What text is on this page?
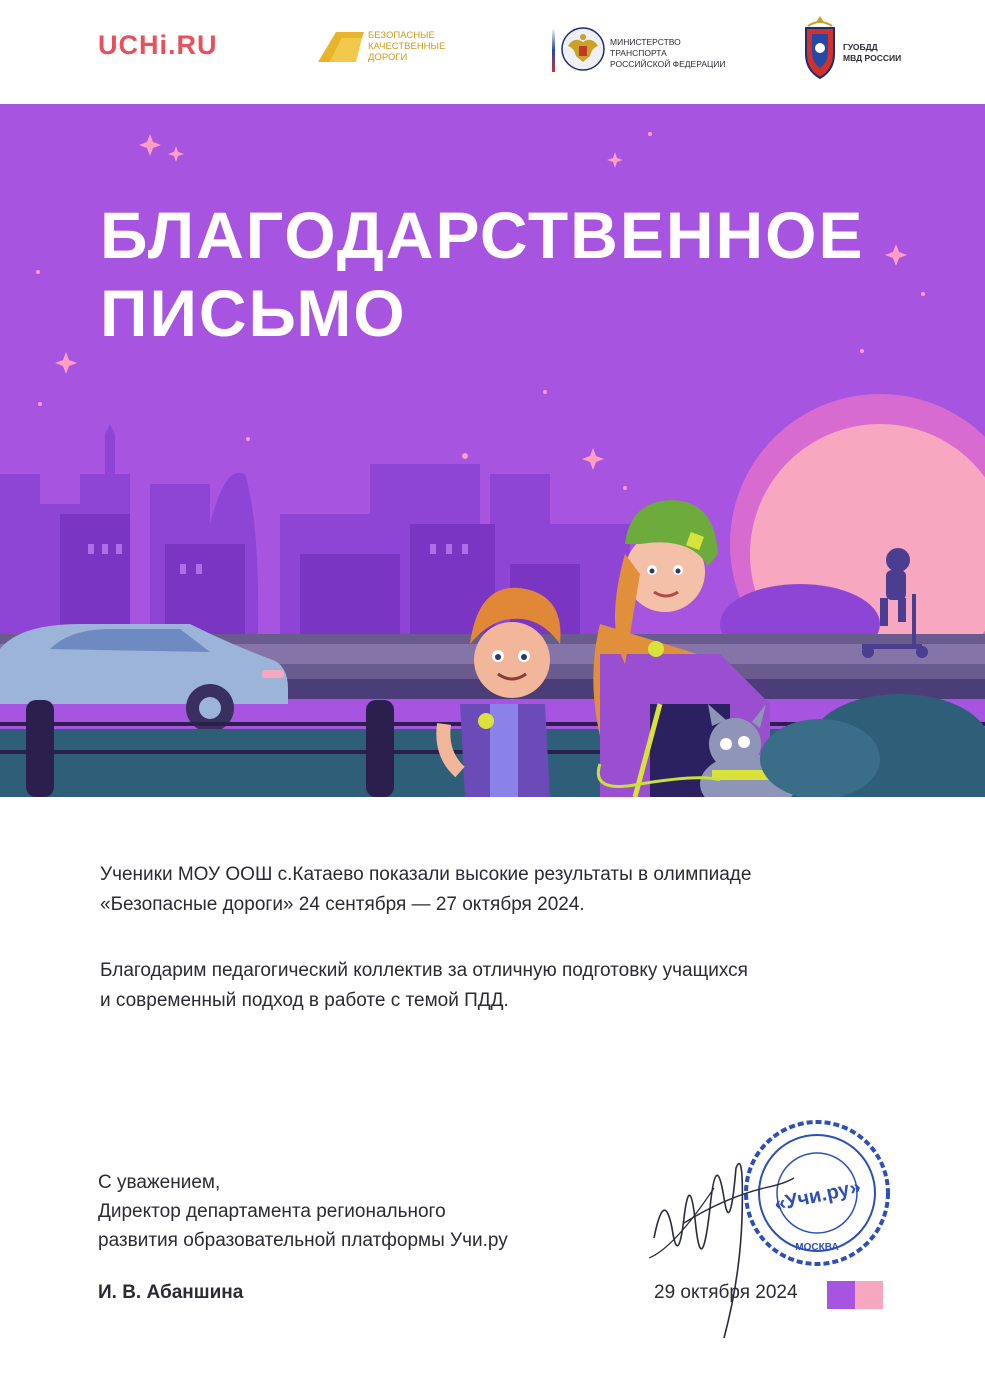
UCHi.RU	БЕЗОПАСНЫЕ
КАЧЕСТВЕННЫЕ ДОРОГИ
МИНИСТЕРСТВО ТРАНСПОРТА
РОССИЙСКОЙ ФЕДЕРАЦИИ
ГУОБДД
МВД РОССИИ
БЛАГОДАРСТВЕННОЕ
ПИСЬМО
Ученики МОУ ООШ с.Катаево показали высокие результаты в олимпиаде
«Безопасные дороги» 24 сентября — 27 октября 2024.
Благодарим педагогический коллектив за отличную подготовку учащихся
и современный подход в работе с темой ПДД.
С уважением,
Директор департамента регионального
развития образовательной платформы Учи.ру
И. В. Абаншина
«Учи.ру»
МОСКВА
29 октября 2024
